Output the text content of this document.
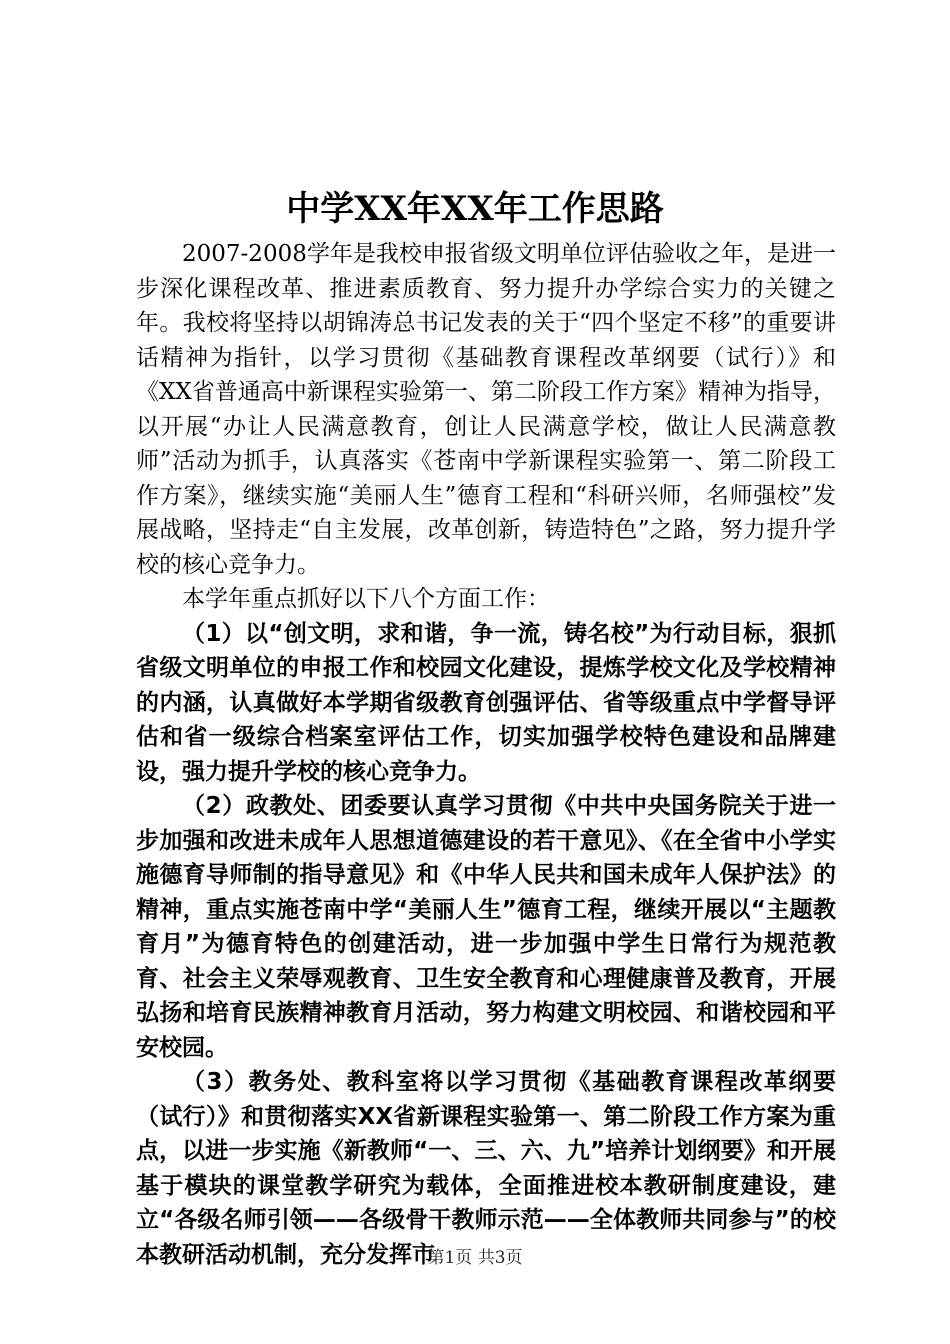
中学XX年XX年工作思路

2007-2008学年是我校申报省级文明单位评估验收之年，是进一步深化课程改革、推进素质教育、努力提升办学综合实力的关键之年。我校将坚持以胡锦涛总书记发表的关于“四个坚定不移”的重要讲话精神为指针，以学习贯彻《基础教育课程改革纲要（试行）》和《XX省普通高中新课程实验第一、第二阶段工作方案》精神为指导，以开展“办让人民满意教育，创让人民满意学校，做让人民满意教师”活动为抓手，认真落实《苍南中学新课程实验第一、第二阶段工作方案》，继续实施“美丽人生”德育工程和“科研兴师，名师强校”发展战略，坚持走“自主发展，改革创新，铸造特色”之路，努力提升学校的核心竞争力。

本学年重点抓好以下八个方面工作：

（1）以“创文明，求和谐，争一流，铸名校”为行动目标，狠抓省级文明单位的申报工作和校园文化建设，提炼学校文化及学校精神的内涵，认真做好本学期省级教育创强评估、省等级重点中学督导评估和省一级综合档案室评估工作，切实加强学校特色建设和品牌建设，强力提升学校的核心竞争力。

（2）政教处、团委要认真学习贯彻《中共中央国务院关于进一步加强和改进未成年人思想道德建设的若干意见》、《在全省中小学实施德育导师制的指导意见》和《中华人民共和国未成年人保护法》的精神，重点实施苍南中学“美丽人生”德育工程，继续开展以“主题教育月”为德育特色的创建活动，进一步加强中学生日常行为规范教育、社会主义荣辱观教育、卫生安全教育和心理健康普及教育，开展弘扬和培育民族精神教育月活动，努力构建文明校园、和谐校园和平安校园。

（3）教务处、教科室将以学习贯彻《基础教育课程改革纲要（试行）》和贯彻落实XX省新课程实验第一、第二阶段工作方案为重点，以进一步实施《新教师“一、三、六、九”培养计划纲要》和开展基于模块的课堂教学研究为载体，全面推进校本教研制度建设，建立“各级名师引领——各级骨干教师示范——全体教师共同参与”的校本教研活动机制，充分发挥市

第1页 共3页
